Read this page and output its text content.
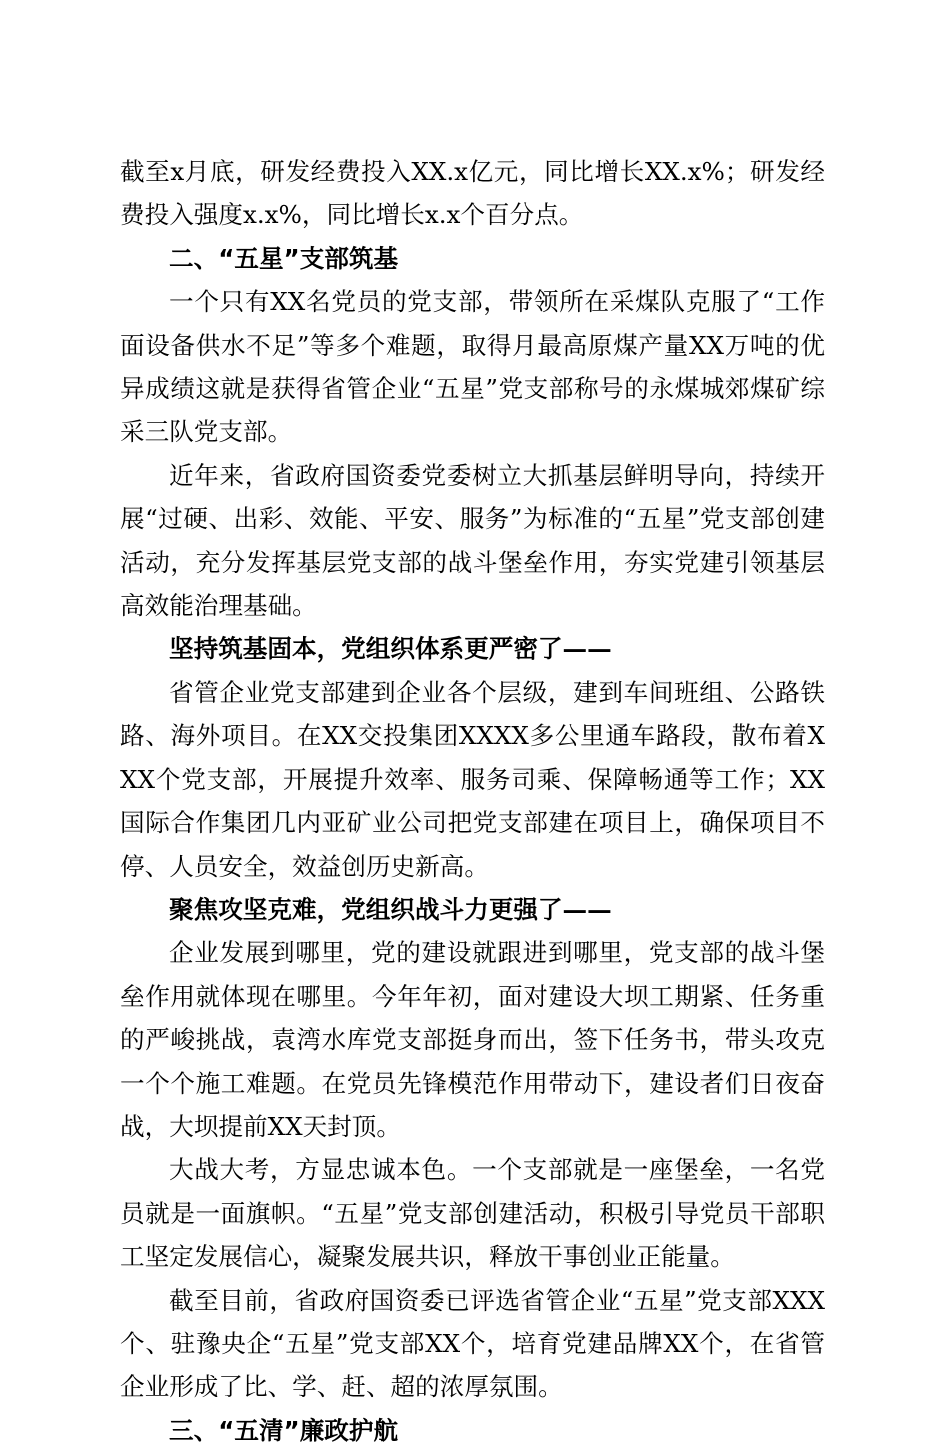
截至x月底，研发经费投入XX.x亿元，同比增长XX.x%；研发经费投入强度x.x%，同比增长x.x个百分点。

二、“五星”支部筑基

一个只有XX名党员的党支部，带领所在采煤队克服了“工作面设备供水不足”等多个难题，取得月最高原煤产量XX万吨的优异成绩这就是获得省管企业“五星”党支部称号的永煤城郊煤矿综采三队党支部。

近年来，省政府国资委党委树立大抓基层鲜明导向，持续开展“过硬、出彩、效能、平安、服务”为标准的“五星”党支部创建活动，充分发挥基层党支部的战斗堡垒作用，夯实党建引领基层高效能治理基础。

坚持筑基固本，党组织体系更严密了——

省管企业党支部建到企业各个层级，建到车间班组、公路铁路、海外项目。在XX交投集团XXXX多公里通车路段，散布着XXX个党支部，开展提升效率、服务司乘、保障畅通等工作；XX国际合作集团几内亚矿业公司把党支部建在项目上，确保项目不停、人员安全，效益创历史新高。

聚焦攻坚克难，党组织战斗力更强了——

企业发展到哪里，党的建设就跟进到哪里，党支部的战斗堡垒作用就体现在哪里。今年年初，面对建设大坝工期紧、任务重的严峻挑战，袁湾水库党支部挺身而出，签下任务书，带头攻克一个个施工难题。在党员先锋模范作用带动下，建设者们日夜奋战，大坝提前XX天封顶。

大战大考，方显忠诚本色。一个支部就是一座堡垒，一名党员就是一面旗帜。“五星”党支部创建活动，积极引导党员干部职工坚定发展信心，凝聚发展共识，释放干事创业正能量。

截至目前，省政府国资委已评选省管企业“五星”党支部XXX个、驻豫央企“五星”党支部XX个，培育党建品牌XX个，在省管企业形成了比、学、赶、超的浓厚氛围。

三、“五清”廉政护航
